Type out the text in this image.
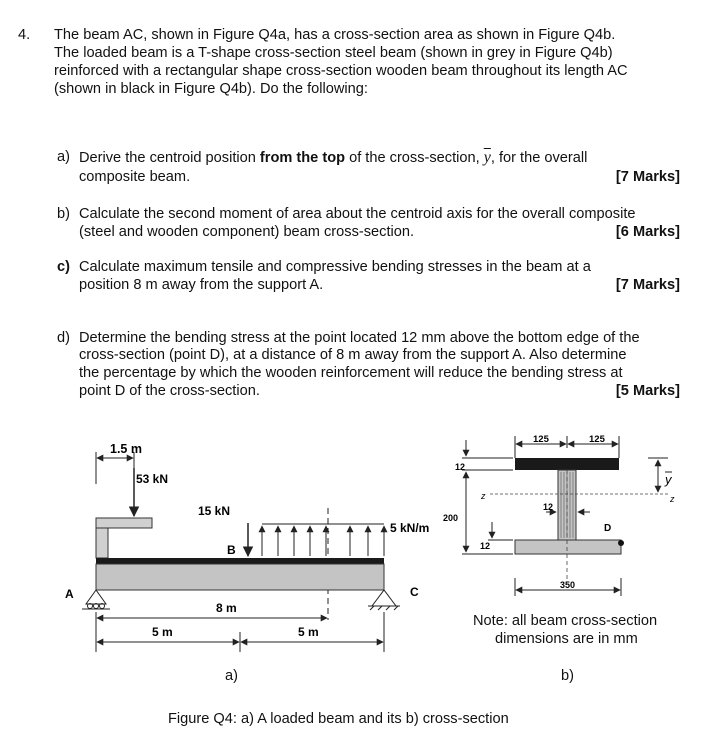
4. The beam AC, shown in Figure Q4a, has a cross-section area as shown in Figure Q4b.
The loaded beam is a T-shape cross-section steel beam (shown in grey in Figure Q4b)
reinforced with a rectangular shape cross-section wooden beam throughout its length AC
(shown in black in Figure Q4b). Do the following:
a) Derive the centroid position from the top of the cross-section, $\overline{y}$, for the overall
composite beam.	[7 Marks]
b) Calculate the second moment of area about the centroid axis for the overall composite
(steel and wooden component) beam cross-section.	[6 Marks]
c) Calculate maximum tensile and compressive bending stresses in the beam at a
position 8 m away from the support A.	[7 Marks]
d) Determine the bending stress at the point located 12 mm above the bottom edge of the
cross-section (point D), at a distance of 8 m away from the support A. Also determine
the percentage by which the wooden reinforcement will reduce the bending stress at
point D of the cross-section.	[5 Marks]
1.5 m
53 kN
15 kN
B
5 kN/m
A	C
8 m
5 m	5 m
125	125
12
D
200
12
12
z	z
y
350
Note: all beam cross-section
dimensions are in mm
a)	b)
Figure Q4: a) A loaded beam and its b) cross-section
